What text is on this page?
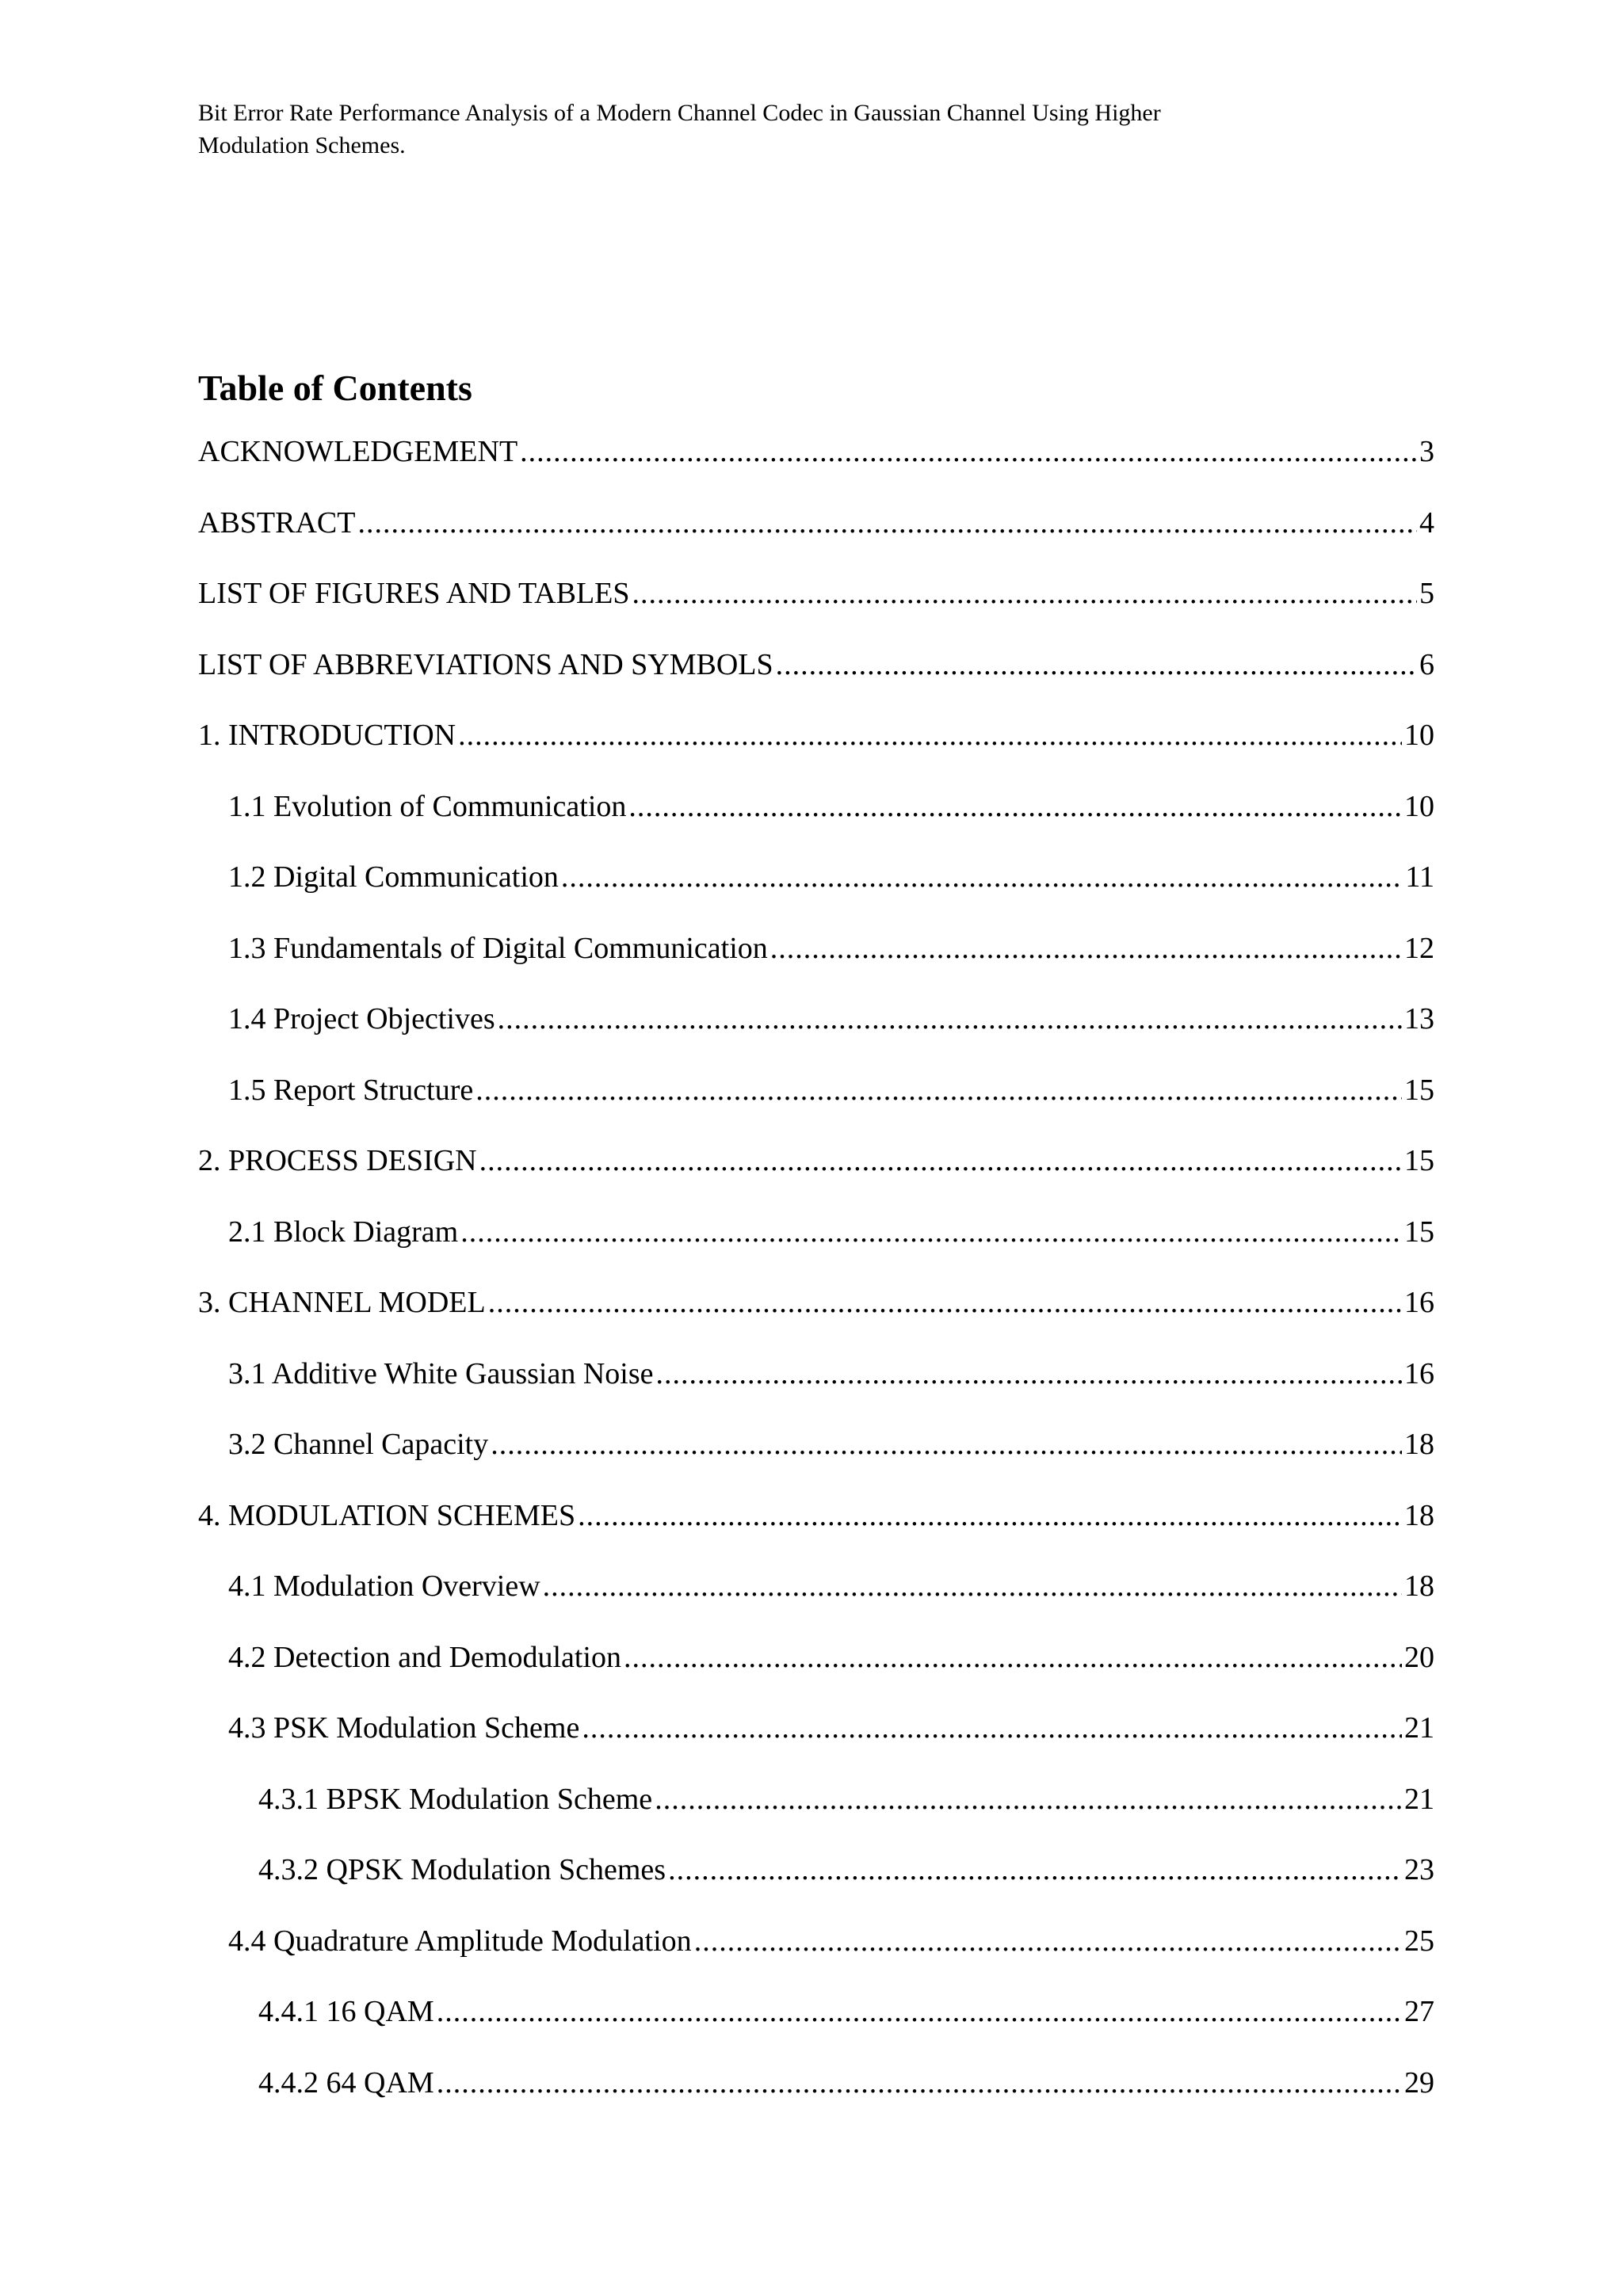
Bit Error Rate Performance Analysis of a Modern Channel Codec in Gaussian Channel Using Higher
Modulation Schemes.
Table of Contents
ACKNOWLEDGEMENT .....	3
ABSTRACT .....	4
LIST OF FIGURES AND TABLES .....	5
LIST OF ABBREVIATIONS AND SYMBOLS .....	6
1. INTRODUCTION .....	10
1.1 Evolution of Communication .....	10
1.2 Digital Communication .....	11
1.3 Fundamentals of Digital Communication .....	12
1.4 Project Objectives .....	13
1.5 Report Structure .....	15
2. PROCESS DESIGN .....	15
2.1 Block Diagram .....	15
3. CHANNEL MODEL .....	16
3.1 Additive White Gaussian Noise .....	16
3.2 Channel Capacity .....	18
4. MODULATION SCHEMES .....	18
4.1 Modulation Overview .....	18
4.2 Detection and Demodulation .....	20
4.3 PSK Modulation Scheme .....	21
4.3.1 BPSK Modulation Scheme .....	21
4.3.2 QPSK Modulation Schemes .....	23
4.4 Quadrature Amplitude Modulation .....	25
4.4.1 16 QAM .....	27
4.4.2 64 QAM .....	29
